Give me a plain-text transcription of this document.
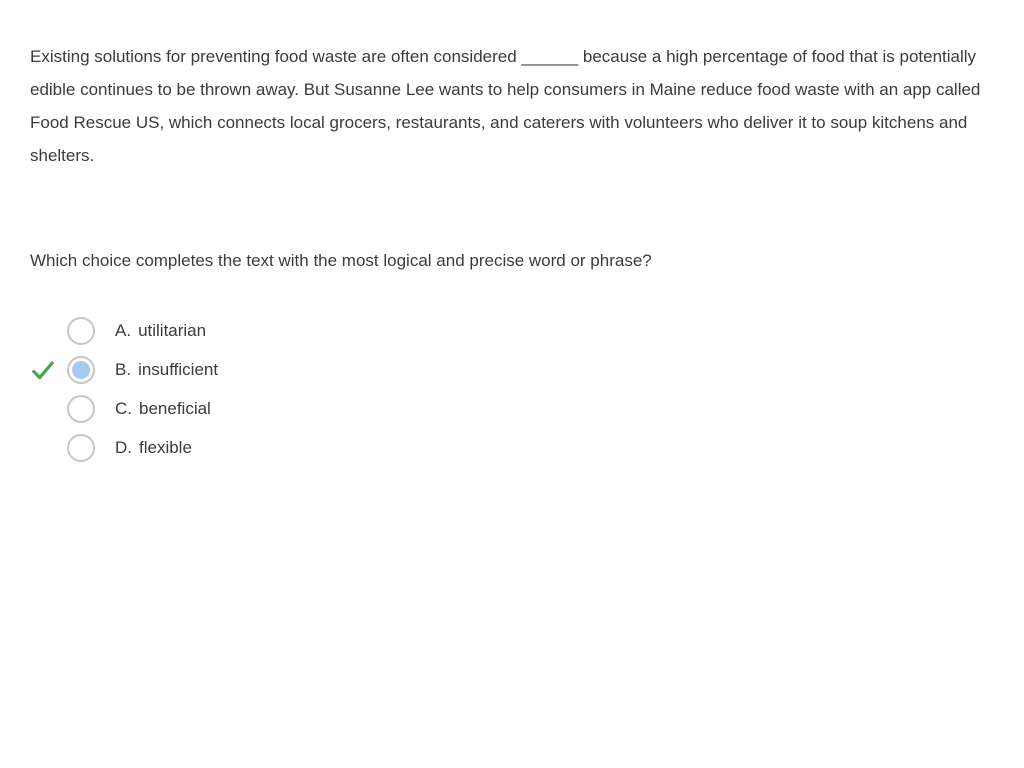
Existing solutions for preventing food waste are often considered ______ because a high percentage of food that is potentially edible continues to be thrown away. But Susanne Lee wants to help consumers in Maine reduce food waste with an app called Food Rescue US, which connects local grocers, restaurants, and caterers with volunteers who deliver it to soup kitchens and shelters.

Which choice completes the text with the most logical and precise word or phrase?

A. utilitarian
B. insufficient
C. beneficial
D. flexible
